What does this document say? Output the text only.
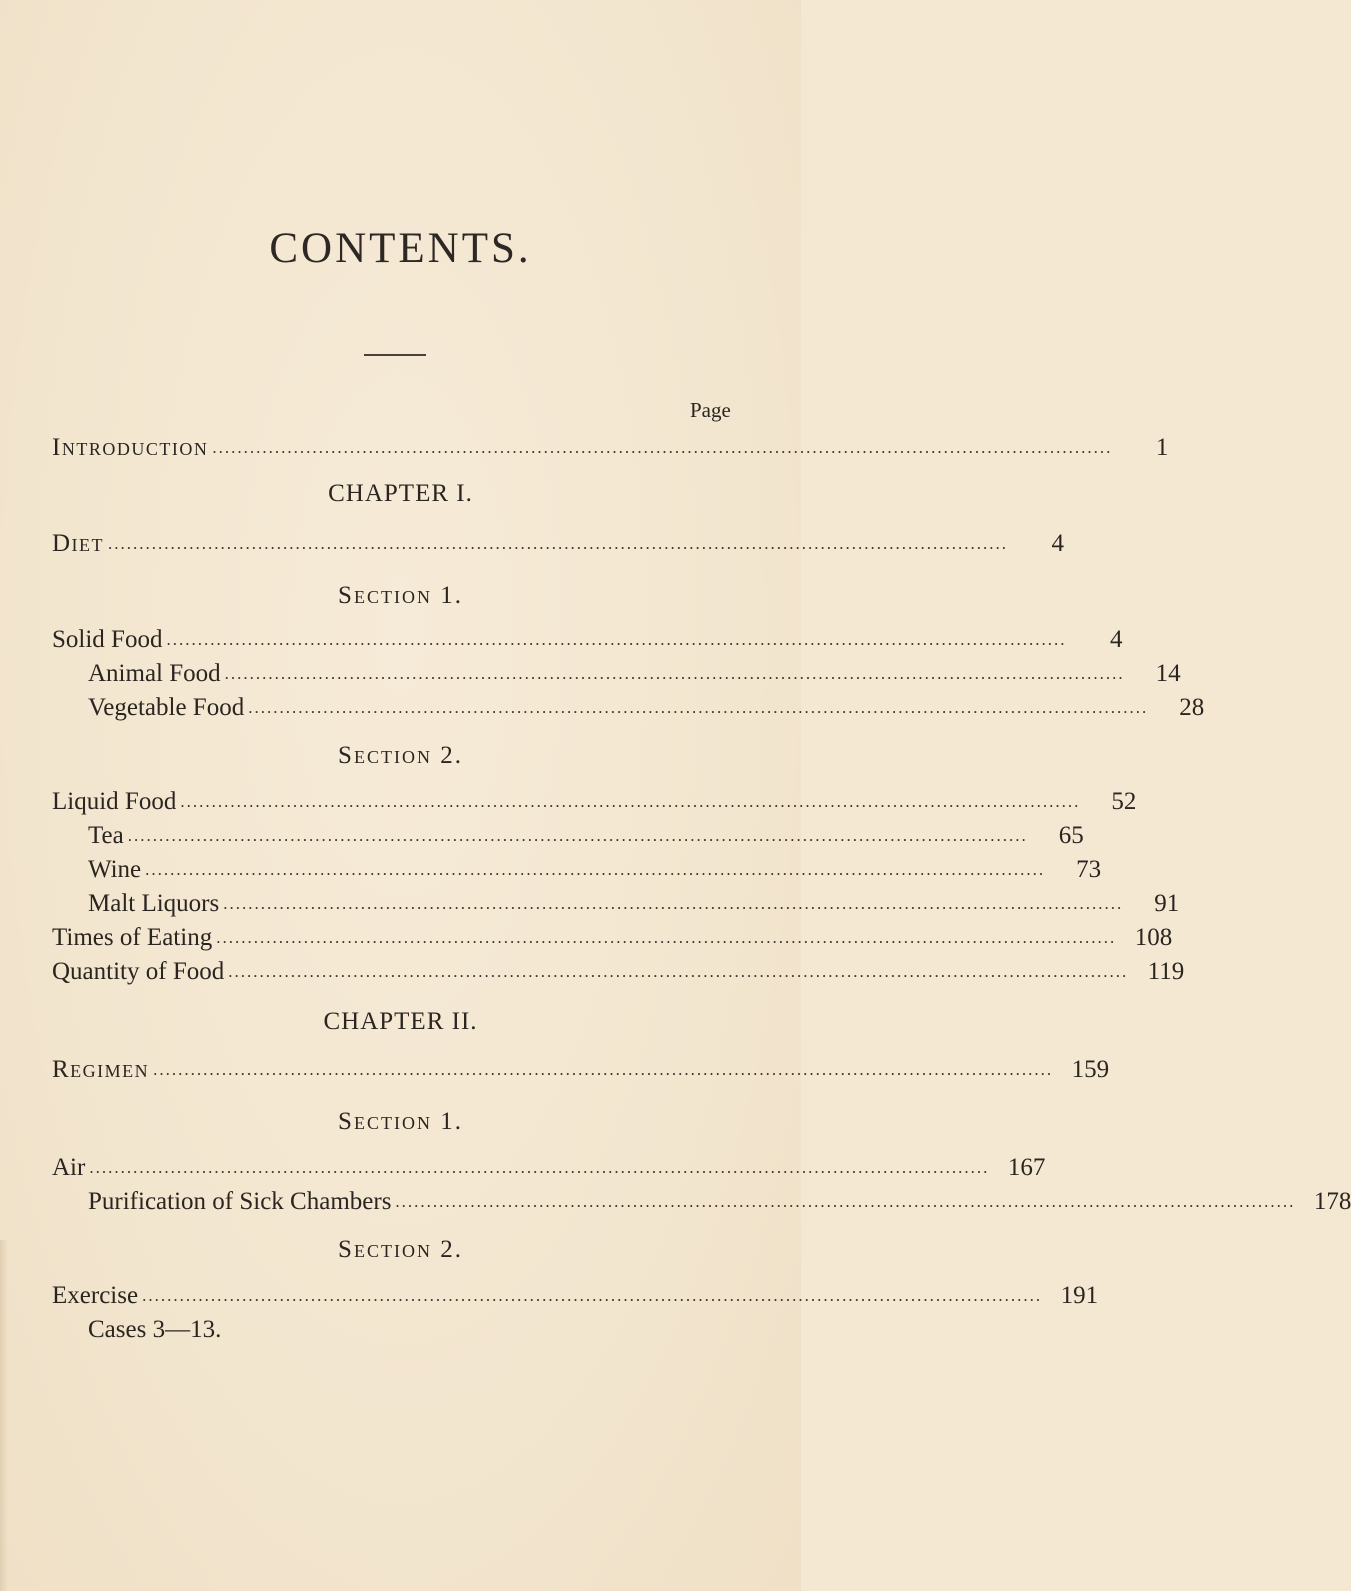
CONTENTS.
Page
Introduction ................................................................................................................................................	1
CHAPTER I.
Diet ................................................................................................................................................	4
Section 1.
Solid Food ................................................................................................................................................	4
Animal Food ................................................................................................................................................	14
Vegetable Food ................................................................................................................................................	28
Section 2.
Liquid Food ................................................................................................................................................	52
Tea ................................................................................................................................................	65
Wine ................................................................................................................................................	73
Malt Liquors ................................................................................................................................................	91
Times of Eating ................................................................................................................................................ 108
Quantity of Food ................................................................................................................................................ 119
CHAPTER II.
Regimen ................................................................................................................................................ 159
Section 1.
Air ................................................................................................................................................ 167
Purification of Sick Chambers ................................................................................................................................................ 178
Section 2.
Exercise ................................................................................................................................................ 191
Cases 3—13.
